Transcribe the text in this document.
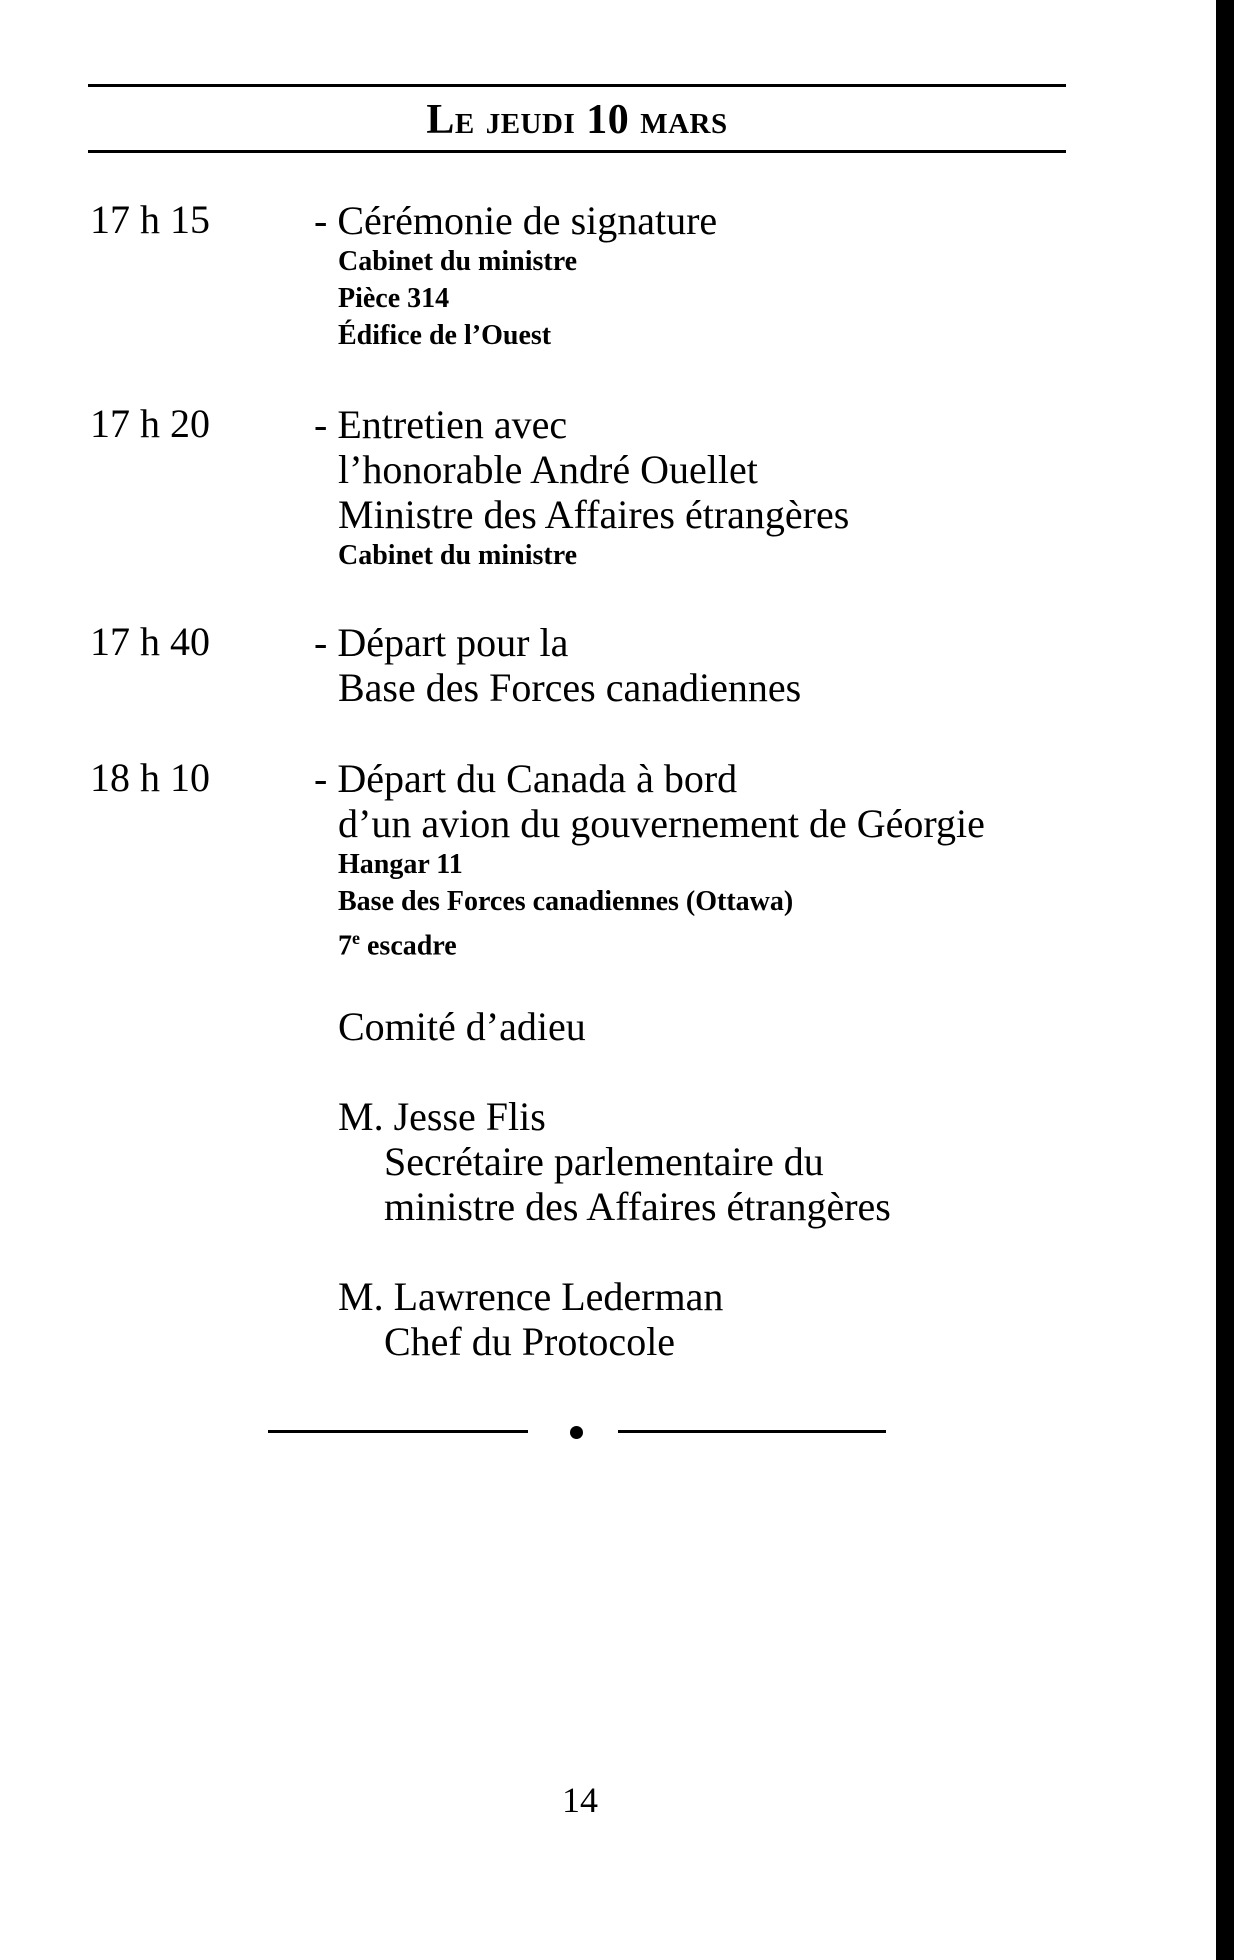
Le jeudi 10 mars
17 h 15	- Cérémonie de signature
Cabinet du ministre
Pièce 314
Édifice de l’Ouest
17 h 20	- Entretien avec
l’honorable André Ouellet
Ministre des Affaires étrangères
Cabinet du ministre
17 h 40	- Départ pour la
Base des Forces canadiennes
18 h 10	- Départ du Canada à bord
d’un avion du gouvernement de Géorgie
Hangar 11
Base des Forces canadiennes (Ottawa)
7e escadre
Comité d’adieu
M. Jesse Flis
Secrétaire parlementaire du
ministre des Affaires étrangères
M. Lawrence Lederman
Chef du Protocole
14
